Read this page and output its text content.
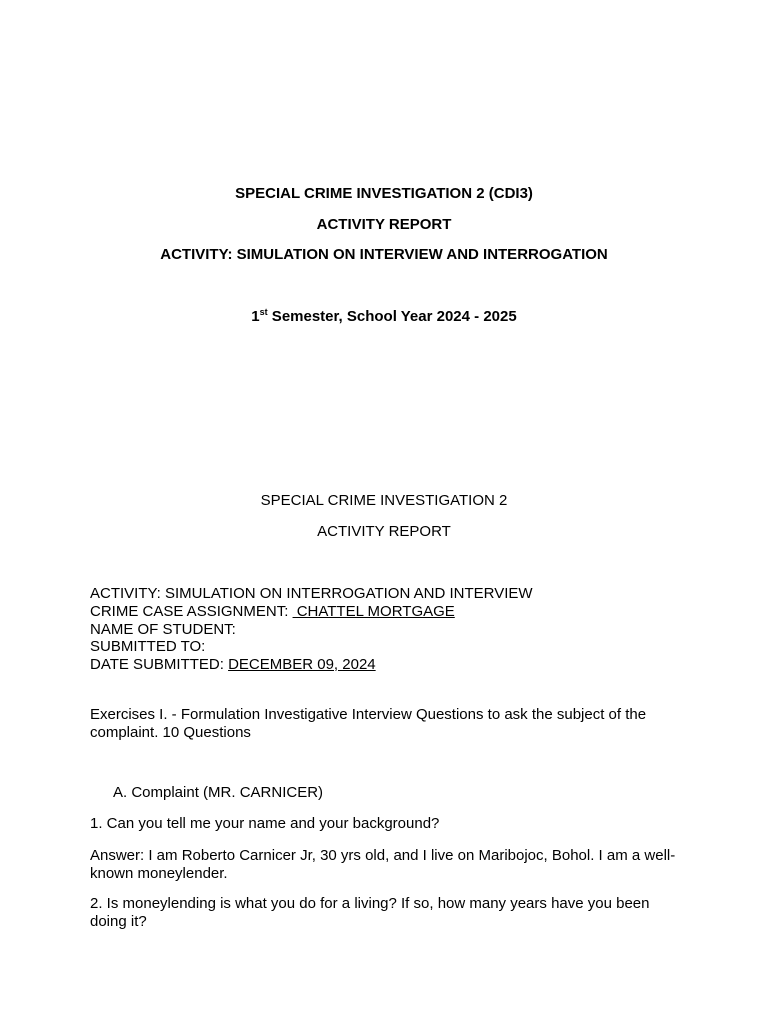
SPECIAL CRIME INVESTIGATION 2 (CDI3)
ACTIVITY REPORT
ACTIVITY: SIMULATION ON INTERVIEW AND INTERROGATION
1st Semester, School Year 2024 - 2025
SPECIAL CRIME INVESTIGATION 2
ACTIVITY REPORT
ACTIVITY: SIMULATION ON INTERROGATION AND INTERVIEW
CRIME CASE ASSIGNMENT:  CHATTEL MORTGAGE
NAME OF STUDENT:
SUBMITTED TO:
DATE SUBMITTED: DECEMBER 09, 2024
Exercises I. - Formulation Investigative Interview Questions to ask the subject of the complaint. 10 Questions
A. Complaint (MR. CARNICER)
1. Can you tell me your name and your background?
Answer: I am Roberto Carnicer Jr, 30 yrs old, and I live on Maribojoc, Bohol. I am a well-known moneylender.
2. Is moneylending is what you do for a living? If so, how many years have you been doing it?
